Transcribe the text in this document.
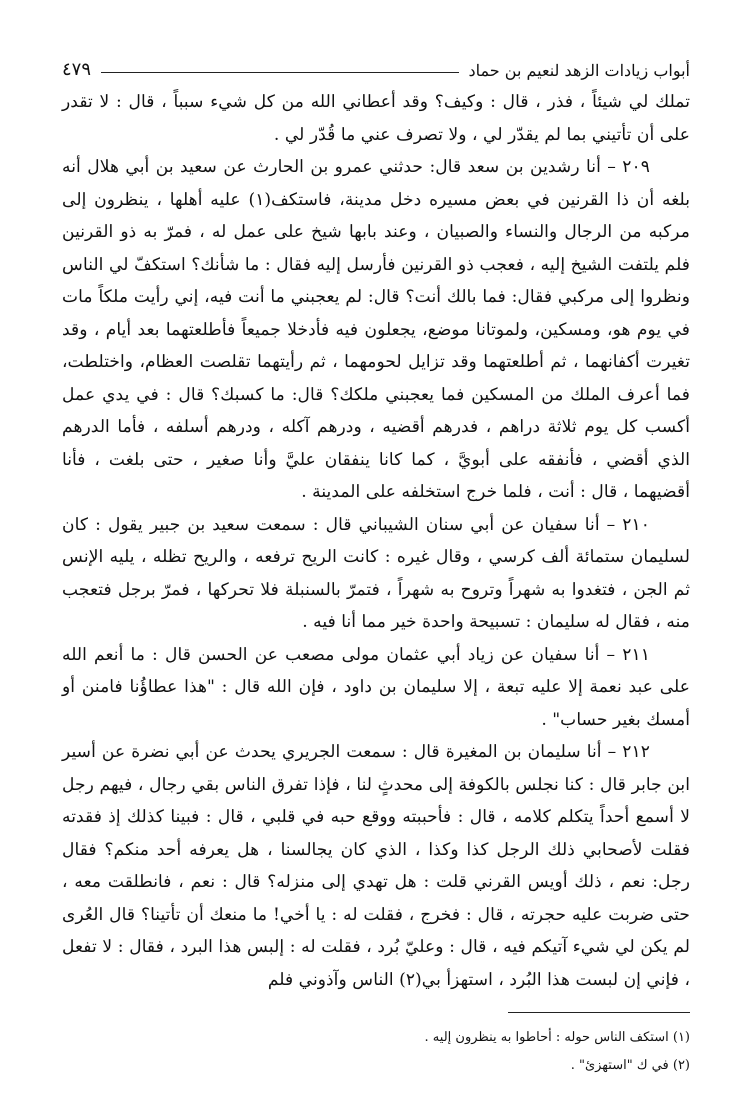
أبواب زيادات الزهد لنعيم بن حماد
٤٧٩

تملك لي شيئاً ، فذر ، قال : وكيف؟ وقد أعطاني الله من كل شيء سبباً ، قال : لا تقدر على أن تأتيني بما لم يقدّر لي ، ولا تصرف عني ما قُدّر لي .

٢٠٩ – أنا رشدين بن سعد قال: حدثني عمرو بن الحارث عن سعيد بن أبي هلال أنه بلغه أن ذا القرنين في بعض مسيره دخل مدينة، فاستكف(١) عليه أهلها ، ينظرون إلى مركبه من الرجال والنساء والصبيان ، وعند بابها شيخ على عمل له ، فمرّ به ذو القرنين فلم يلتفت الشيخ إليه ، فعجب ذو القرنين فأرسل إليه فقال : ما شأنك؟ استكفّ لي الناس ونظروا إلى مركبي فقال: فما بالك أنت؟ قال: لم يعجبني ما أنت فيه، إني رأيت ملكاً مات في يوم هو، ومسكين، ولموتانا موضع، يجعلون فيه فأدخلا جميعاً فأطلعتهما بعد أيام ، وقد تغيرت أكفانهما ، ثم أطلعتهما وقد تزايل لحومهما ، ثم رأيتهما تقلصت العظام، واختلطت، فما أعرف الملك من المسكين فما يعجبني ملكك؟ قال: ما كسبك؟ قال : في يدي عمل أكسب كل يوم ثلاثة دراهم ، فدرهم أقضيه ، ودرهم آكله ، ودرهم أسلفه ، فأما الدرهم الذي أقضي ، فأنفقه على أبويَّ ، كما كانا ينفقان عليَّ وأنا صغير ، حتى بلغت ، فأنا أقضيهما ، قال : أنت ، فلما خرج استخلفه على المدينة .

٢١٠ – أنا سفيان عن أبي سنان الشيباني قال : سمعت سعيد بن جبير يقول : كان لسليمان ستمائة ألف كرسي ، وقال غيره : كانت الريح ترفعه ، والريح تظله ، يليه الإنس ثم الجن ، فتغدوا به شهراً وتروح به شهراً ، فتمرّ بالسنبلة فلا تحركها ، فمرّ برجل فتعجب منه ، فقال له سليمان : تسبيحة واحدة خير مما أنا فيه .

٢١١ – أنا سفيان عن زياد أبي عثمان مولى مصعب عن الحسن قال : ما أنعم الله على عبد نعمة إلا عليه تبعة ، إلا سليمان بن داود ، فإن الله قال : "هذا عطاؤُنا فامنن أو أمسك بغير حساب" .

٢١٢ – أنا سليمان بن المغيرة قال : سمعت الجريري يحدث عن أبي نضرة عن أسير ابن جابر قال : كنا نجلس بالكوفة إلى محدثٍ لنا ، فإذا تفرق الناس بقي رجال ، فيهم رجل لا أسمع أحداً يتكلم كلامه ، قال : فأحببته ووقع حبه في قلبي ، قال : فبينا كذلك إذ فقدته فقلت لأصحابي ذلك الرجل كذا وكذا ، الذي كان يجالسنا ، هل يعرفه أحد منكم؟ فقال رجل: نعم ، ذلك أويس القرني قلت : هل تهدي إلى منزله؟ قال : نعم ، فانطلقت معه ، حتى ضربت عليه حجرته ، قال : فخرج ، فقلت له : يا أخي! ما منعك أن تأتينا؟ قال العُرى لم يكن لي شيء آتيكم فيه ، قال : وعليّ بُرد ، فقلت له : إلبس هذا البرد ، فقال : لا تفعل ، فإني إن لبست هذا البُرد ، استهزأ بي(٢) الناس وآذوني فلم

(١) استكف الناس حوله : أحاطوا به ينظرون إليه .
(٢) في ك "استهزئ" .
